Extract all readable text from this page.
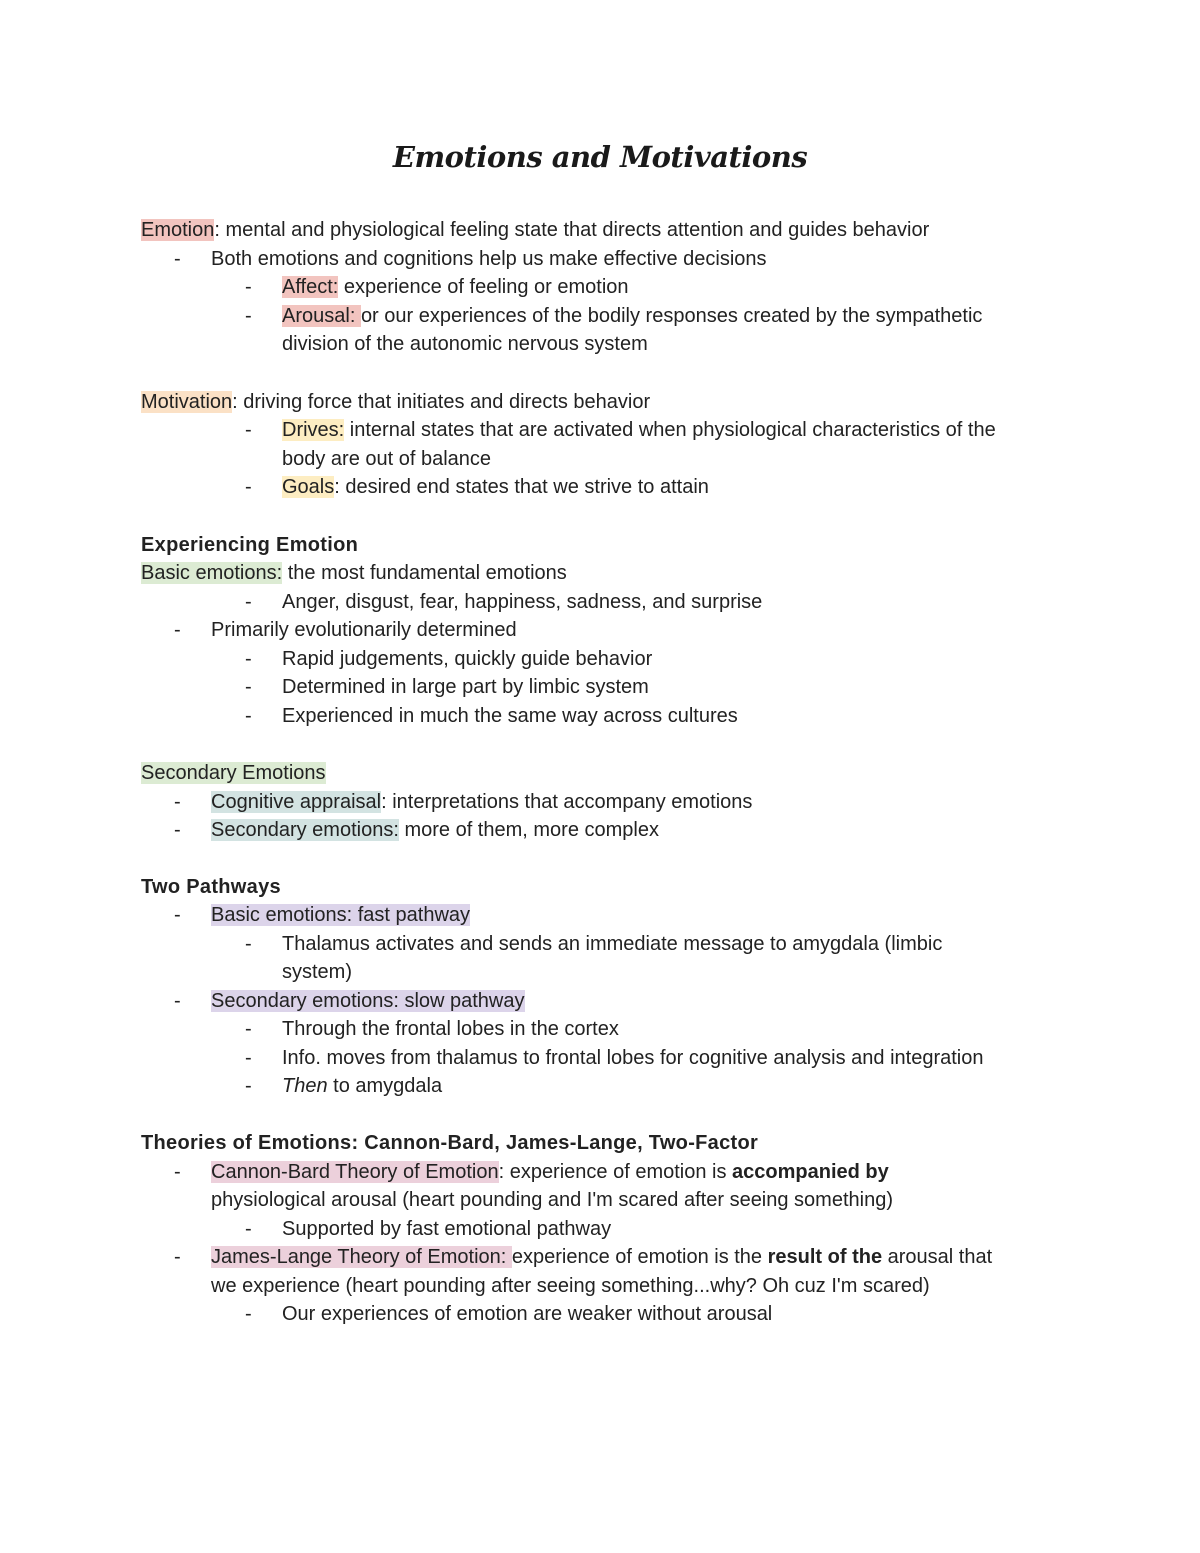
Emotions and Motivations
Emotion: mental and physiological feeling state that directs attention and guides behavior
- Both emotions and cognitions help us make effective decisions
- Affect: experience of feeling or emotion
- Arousal: or our experiences of the bodily responses created by the sympathetic
division of the autonomic nervous system
Motivation: driving force that initiates and directs behavior
- Drives: internal states that are activated when physiological characteristics of the
body are out of balance
- Goals: desired end states that we strive to attain
Experiencing Emotion
Basic emotions: the most fundamental emotions
- Anger, disgust, fear, happiness, sadness, and surprise
- Primarily evolutionarily determined
- Rapid judgements, quickly guide behavior
- Determined in large part by limbic system
- Experienced in much the same way across cultures
Secondary Emotions
- Cognitive appraisal: interpretations that accompany emotions
- Secondary emotions: more of them, more complex
Two Pathways
- Basic emotions: fast pathway
- Thalamus activates and sends an immediate message to amygdala (limbic
system)
- Secondary emotions: slow pathway
- Through the frontal lobes in the cortex
- Info. moves from thalamus to frontal lobes for cognitive analysis and integration
- Then to amygdala
Theories of Emotions: Cannon-Bard, James-Lange, Two-Factor
- Cannon-Bard Theory of Emotion: experience of emotion is accompanied by
physiological arousal (heart pounding and I'm scared after seeing something)
- Supported by fast emotional pathway
- James-Lange Theory of Emotion: experience of emotion is the result of the arousal that
we experience (heart pounding after seeing something...why? Oh cuz I'm scared)
- Our experiences of emotion are weaker without arousal
